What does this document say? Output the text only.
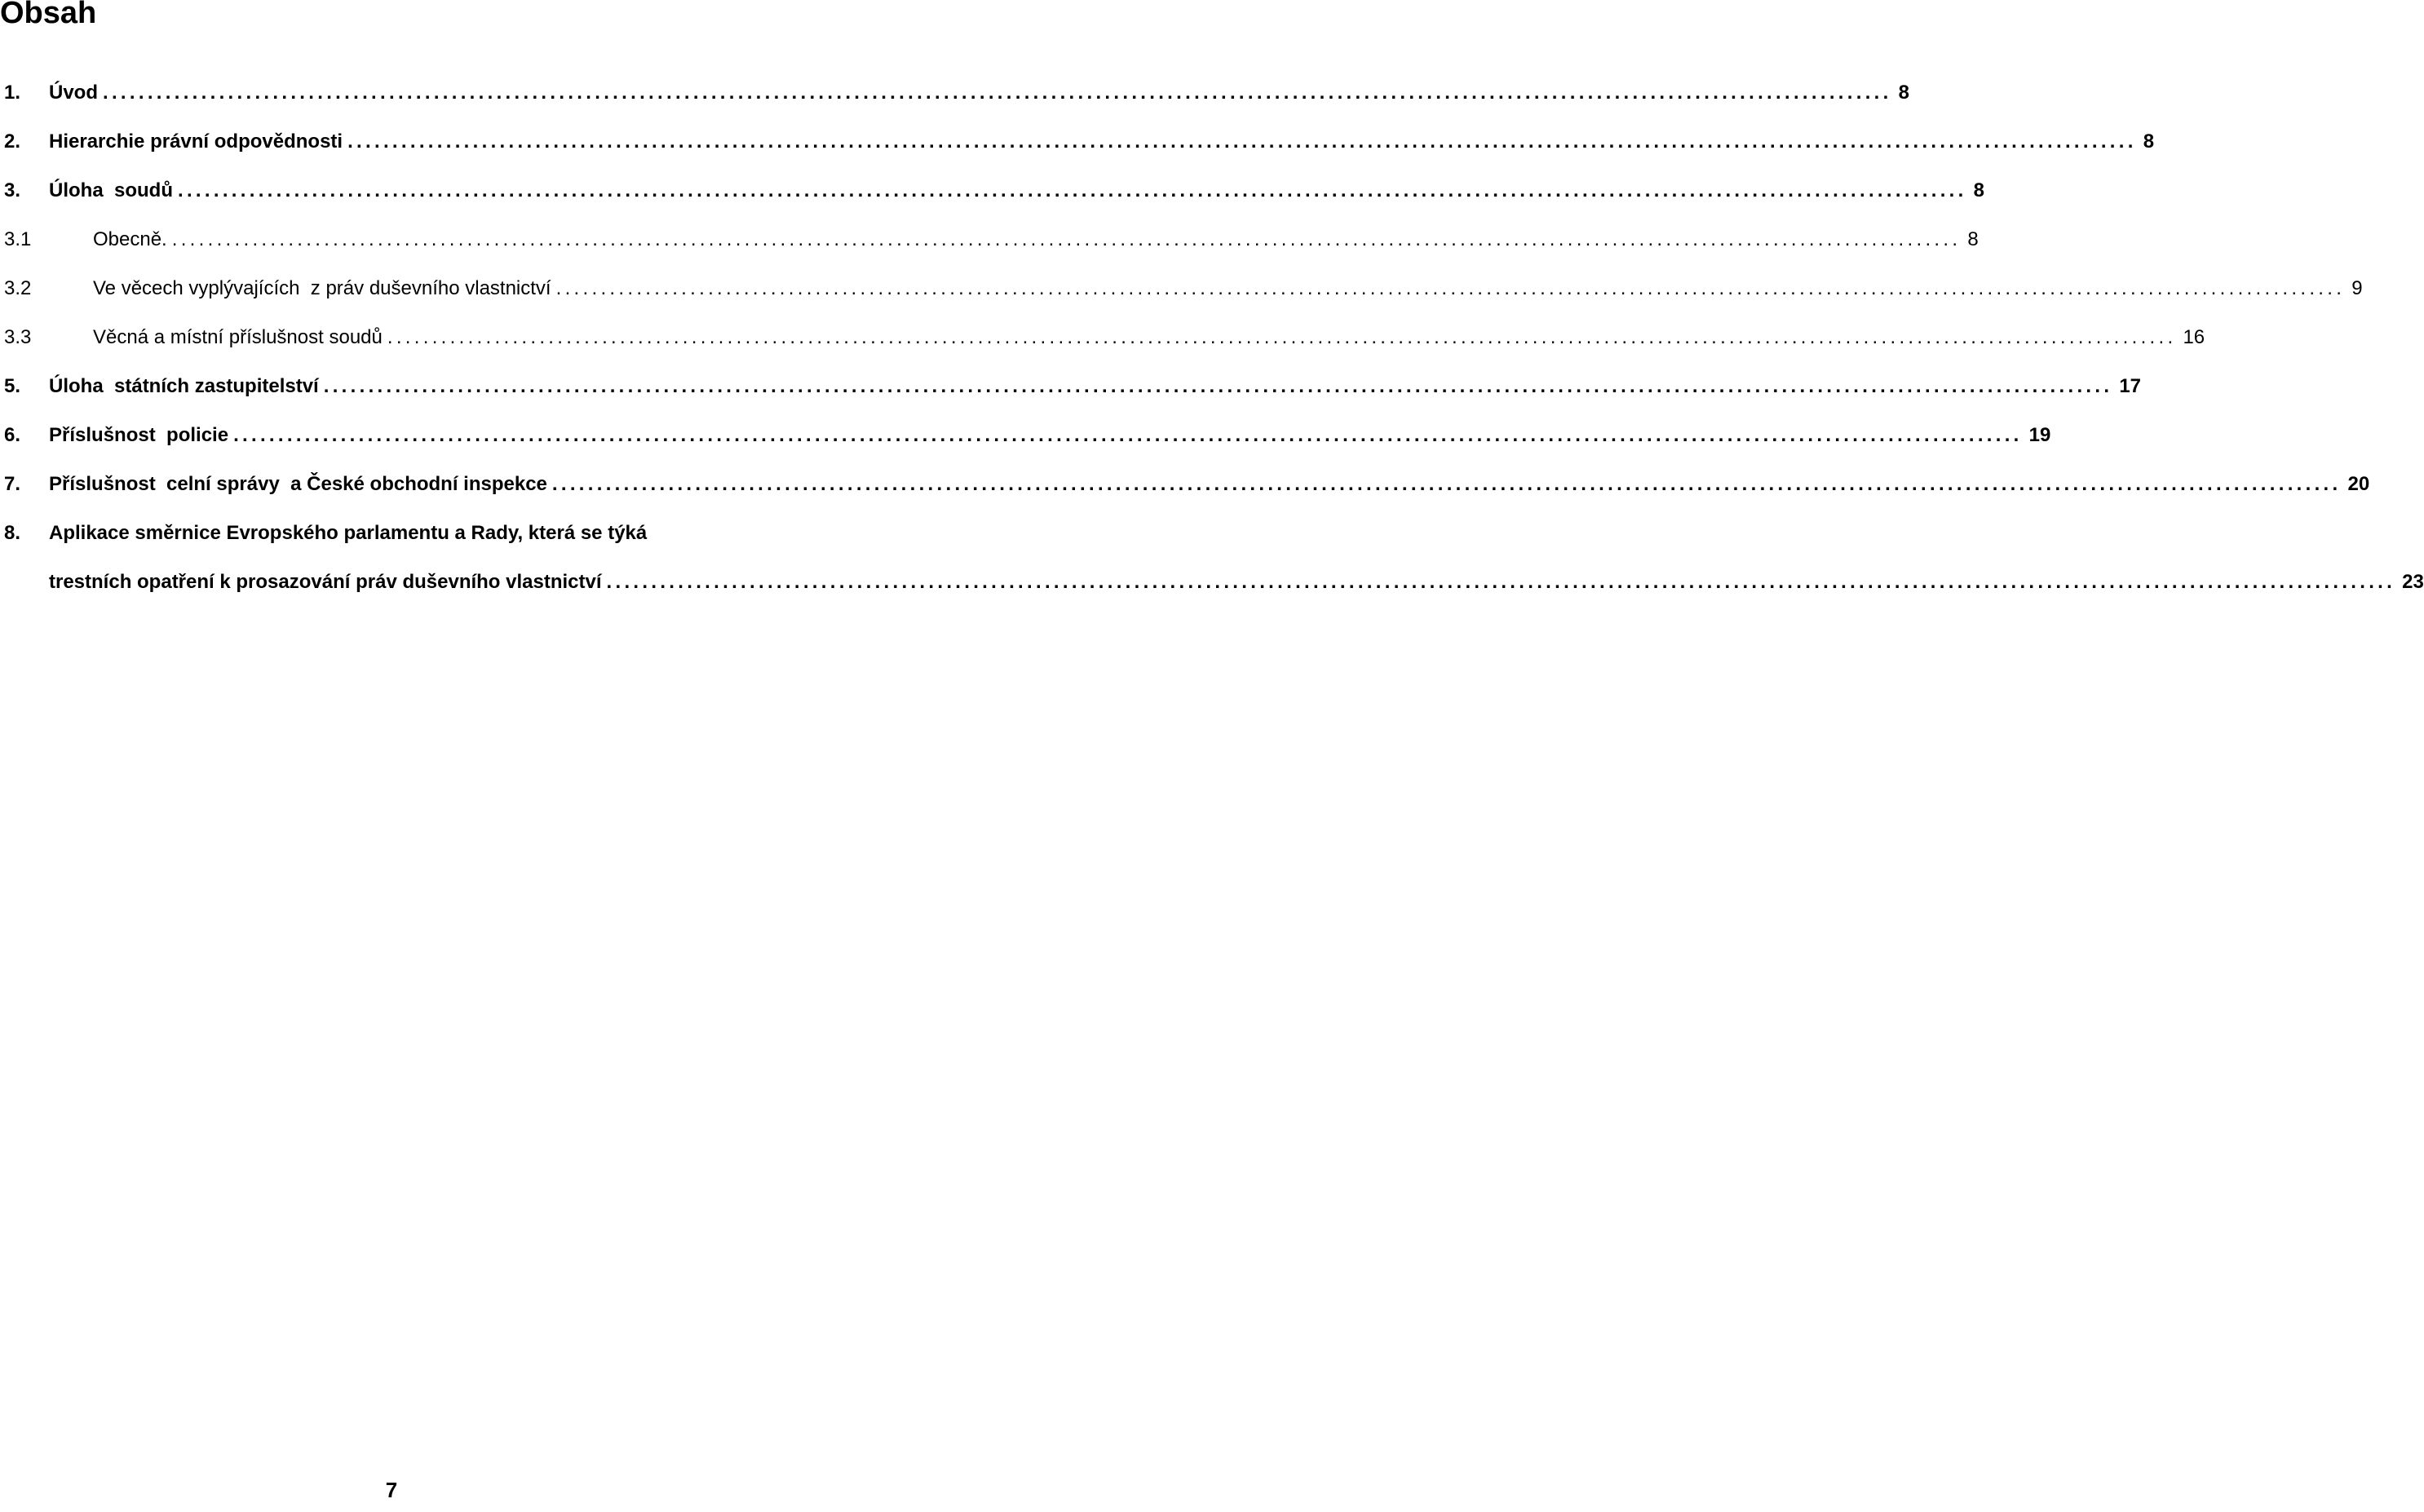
Obsah
1. Úvod ........................................................................................................................................................................................................ 8
2. Hierarchie právní odpovědnosti ........................................................................................................................................................................................................ 8
3. Úloha  soudů ........................................................................................................................................................................................................ 8
3.1	Obecně. ........................................................................................................................................................................................................ 8
3.2	Ve věcech vyplývajících  z práv duševního vlastnictví ........................................................................................................................................................................................................ 9
3.3	Věcná a místní příslušnost soudů ........................................................................................................................................................................................................ 16
5. Úloha  státních zastupitelství ........................................................................................................................................................................................................ 17
6. Příslušnost  policie ........................................................................................................................................................................................................ 19
7. Příslušnost  celní správy  a České obchodní inspekce ........................................................................................................................................................................................................ 20
8. Aplikace směrnice Evropského parlamentu a Rady, která se týká
trestních opatření k prosazování práv duševního vlastnictví ........................................................................................................................................................................................................ 23
7
